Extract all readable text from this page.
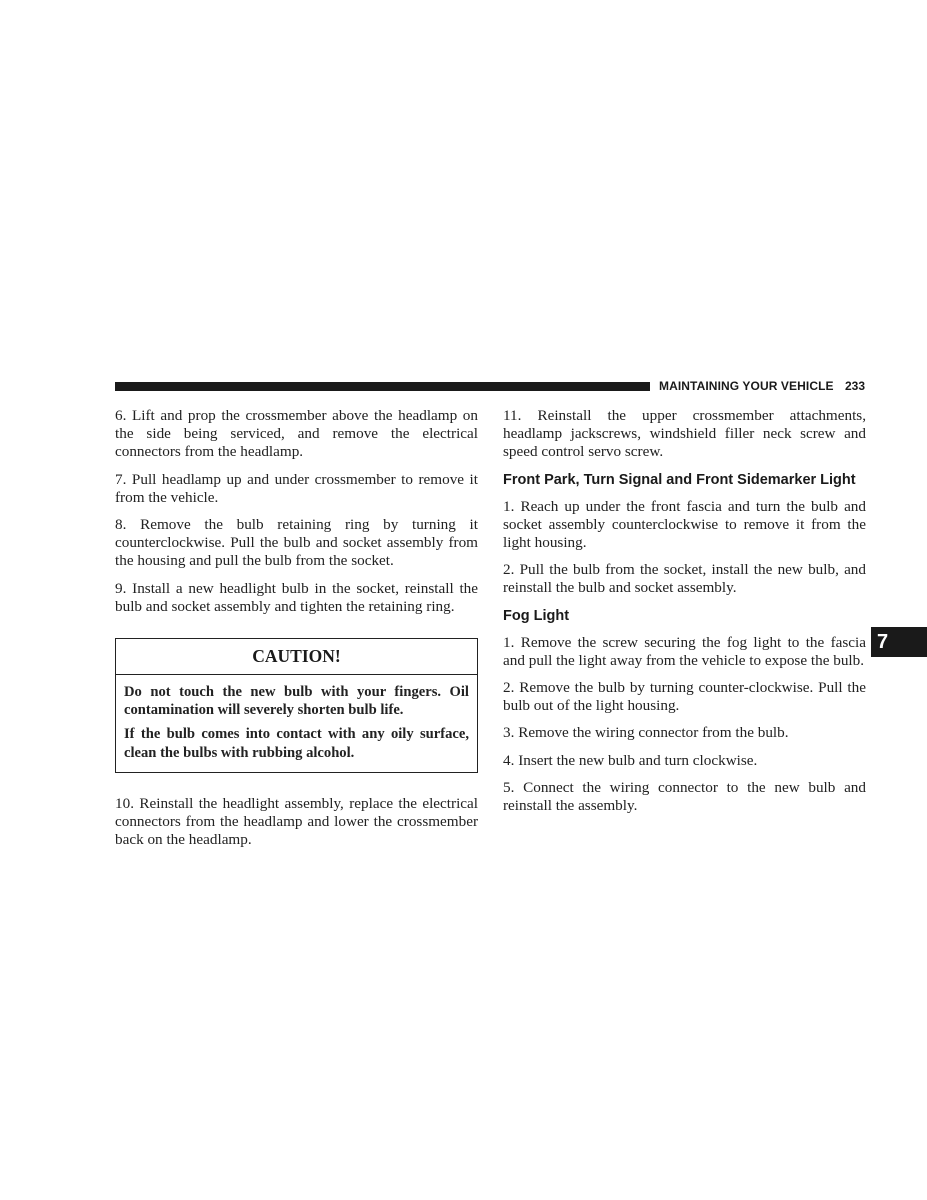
MAINTAINING YOUR VEHICLE 233

6. Lift and prop the crossmember above the headlamp on the side being serviced, and remove the electrical connectors from the headlamp.

7. Pull headlamp up and under crossmember to remove it from the vehicle.

8. Remove the bulb retaining ring by turning it counterclockwise. Pull the bulb and socket assembly from the housing and pull the bulb from the socket.

9. Install a new headlight bulb in the socket, reinstall the bulb and socket assembly and tighten the retaining ring.

CAUTION!

Do not touch the new bulb with your fingers. Oil contamination will severely shorten bulb life.

If the bulb comes into contact with any oily surface, clean the bulbs with rubbing alcohol.

10. Reinstall the headlight assembly, replace the electrical connectors from the headlamp and lower the crossmember back on the headlamp.

11. Reinstall the upper crossmember attachments, headlamp jackscrews, windshield filler neck screw and speed control servo screw.

Front Park, Turn Signal and Front Sidemarker Light

1. Reach up under the front fascia and turn the bulb and socket assembly counterclockwise to remove it from the light housing.

2. Pull the bulb from the socket, install the new bulb, and reinstall the bulb and socket assembly.

Fog Light

1. Remove the screw securing the fog light to the fascia and pull the light away from the vehicle to expose the bulb.

2. Remove the bulb by turning counter-clockwise. Pull the bulb out of the light housing.

3. Remove the wiring connector from the bulb.

4. Insert the new bulb and turn clockwise.

5. Connect the wiring connector to the new bulb and reinstall the assembly.

7
